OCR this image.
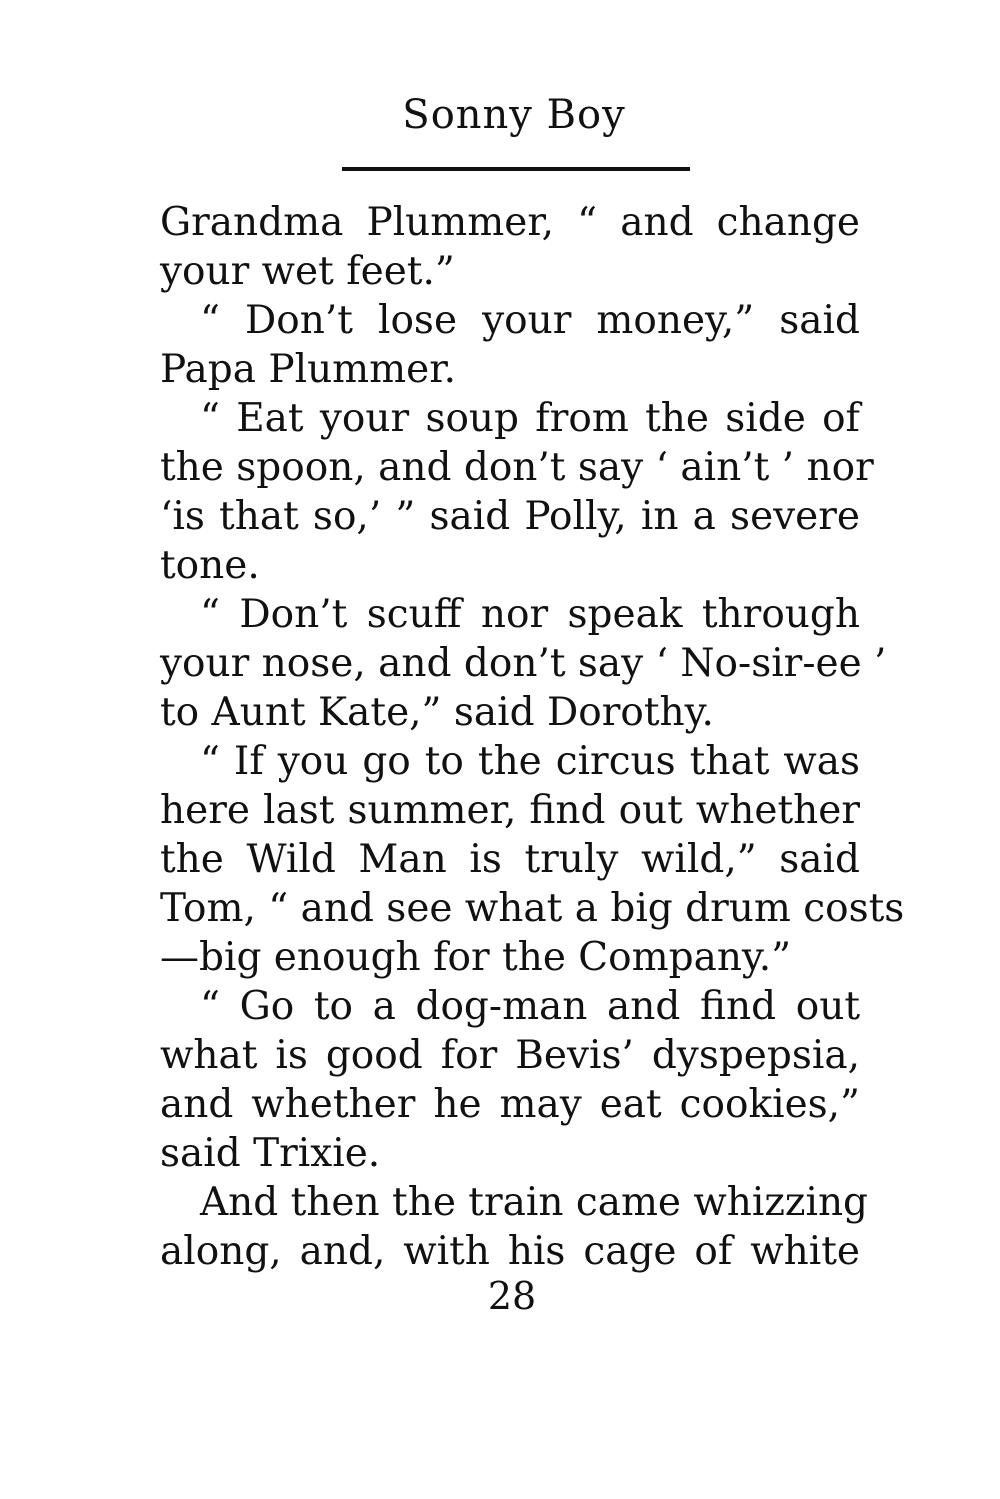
Sonny Boy
Grandma Plummer, “ and change
your wet feet.”
“ Don’t lose your money,” said
Papa Plummer.
“ Eat your soup from the side of
the spoon, and don’t say ‘ ain’t ’ nor
‘is that so,’ ” said Polly, in a severe
tone.
“ Don’t scuff nor speak through
your nose, and don’t say ‘ No-sir-ee ’
to Aunt Kate,” said Dorothy.
“ If you go to the circus that was
here last summer, find out whether
the Wild Man is truly wild,” said
Tom, “ and see what a big drum costs
—big enough for the Company.”
“ Go to a dog-man and find out
what is good for Bevis’ dyspepsia,
and whether he may eat cookies,”
said Trixie.
And then the train came whizzing
along, and, with his cage of white
28
